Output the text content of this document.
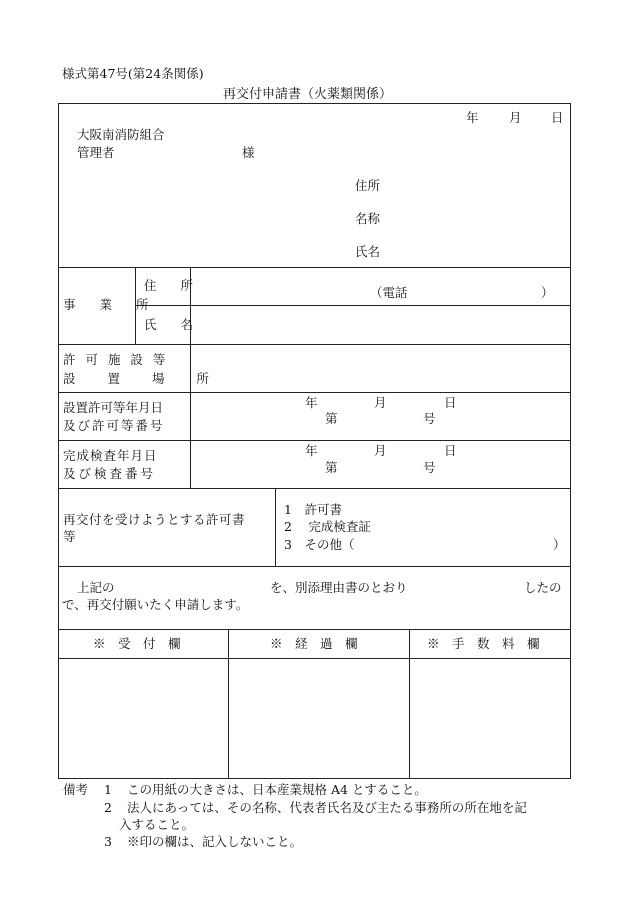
様式第47号(第24条関係)
再交付申請書（火薬類関係）
年 月 日
大阪南消防組合
管理者	様
住所
名称
氏名
事 業 所
住 所	（電話	）
氏 名
許 可 施 設 等
設 置 場 所
設置許可等年月日
及び許可等番号
年	月	日
第	号
完成検査年月日
及び検査番号
年	月	日
第	号
再交付を受けようとする許可書
等
1　許可書
2　 完成検査証
3　その他（	）
上記の	を、別添理由書のとおり	したの
で、再交付願いたく申請します。
※　受　付　欄	※　経　過　欄	※　手　数　料　欄
備考 1 この用紙の大きさは、日本産業規格 A4 とすること。
2 法人にあっては、その名称、代表者氏名及び主たる事務所の所在地を記
入すること。
3 ※印の欄は、記入しないこと。
